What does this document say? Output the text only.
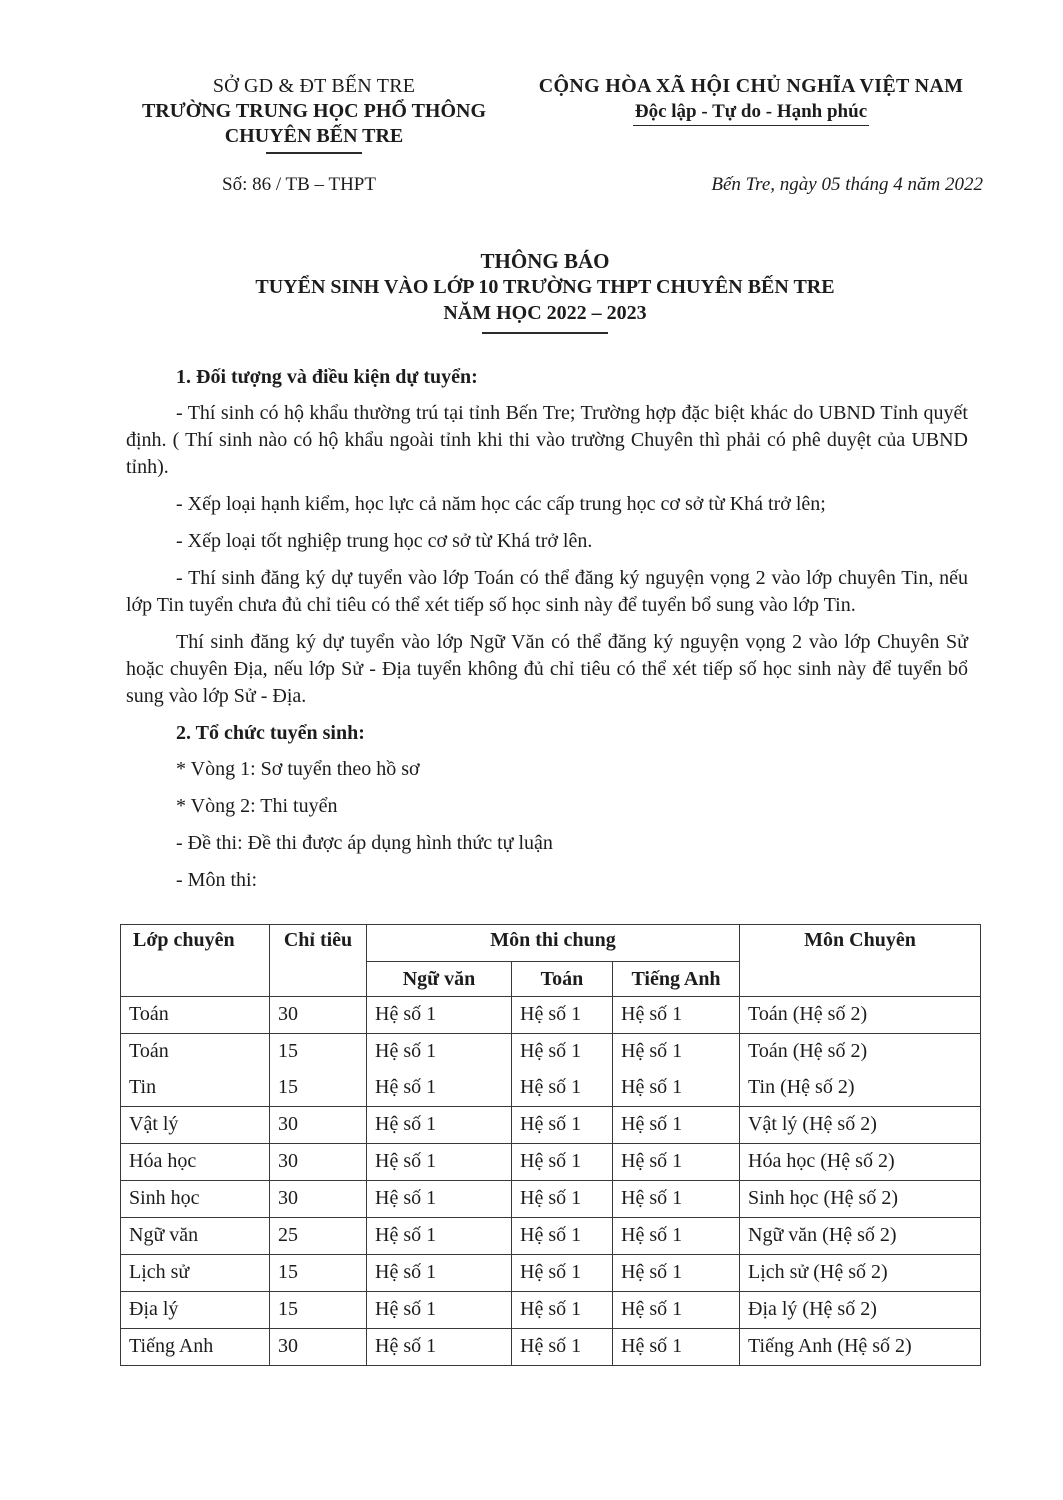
SỞ GD & ĐT BẾN TRE
TRƯỜNG TRUNG HỌC PHỔ THÔNG
CHUYÊN BẾN TRE
CỘNG HÒA XÃ HỘI CHỦ NGHĨA VIỆT NAM
Độc lập - Tự do - Hạnh phúc
Số: 86 / TB – THPT	Bến Tre, ngày 05 tháng 4 năm 2022
THÔNG BÁO
TUYỂN SINH VÀO LỚP 10 TRƯỜNG THPT CHUYÊN BẾN TRE
NĂM HỌC 2022 – 2023
1. Đối tượng và điều kiện dự tuyển:

- Thí sinh có hộ khẩu thường trú tại tỉnh Bến Tre; Trường hợp đặc biệt khác do UBND Tỉnh quyết định. ( Thí sinh nào có hộ khẩu ngoài tỉnh khi thi vào trường Chuyên thì phải có phê duyệt của UBND tỉnh).

- Xếp loại hạnh kiểm, học lực cả năm học các cấp trung học cơ sở từ Khá trở lên;

- Xếp loại tốt nghiệp trung học cơ sở từ Khá trở lên.

- Thí sinh đăng ký dự tuyển vào lớp Toán có thể đăng ký nguyện vọng 2 vào lớp chuyên Tin, nếu lớp Tin tuyển chưa đủ chỉ tiêu có thể xét tiếp số học sinh này để tuyển bổ sung vào lớp Tin.

Thí sinh đăng ký dự tuyển vào lớp Ngữ Văn có thể đăng ký nguyện vọng 2 vào lớp Chuyên Sử hoặc chuyên Địa, nếu lớp Sử - Địa tuyển không đủ chỉ tiêu có thể xét tiếp số học sinh này để tuyển bổ sung vào lớp Sử - Địa.

2. Tổ chức tuyển sinh:
* Vòng 1: Sơ tuyển theo hồ sơ
* Vòng 2: Thi tuyển
- Đề thi: Đề thi được áp dụng hình thức tự luận
- Môn thi:
Lớp chuyên	Chỉ tiêu	Môn thi chung			Môn Chuyên
		Ngữ văn	Toán	Tiếng Anh	
Toán	30	Hệ số 1	Hệ số 1	Hệ số 1	Toán (Hệ số 2)
Toán	15	Hệ số 1	Hệ số 1	Hệ số 1	Toán (Hệ số 2)
Tin	15	Hệ số 1	Hệ số 1	Hệ số 1	Tin (Hệ số 2)
Vật lý	30	Hệ số 1	Hệ số 1	Hệ số 1	Vật lý (Hệ số 2)
Hóa học	30	Hệ số 1	Hệ số 1	Hệ số 1	Hóa học (Hệ số 2)
Sinh học	30	Hệ số 1	Hệ số 1	Hệ số 1	Sinh học (Hệ số 2)
Ngữ văn	25	Hệ số 1	Hệ số 1	Hệ số 1	Ngữ văn (Hệ số 2)
Lịch sử	15	Hệ số 1	Hệ số 1	Hệ số 1	Lịch sử (Hệ số 2)
Địa lý	15	Hệ số 1	Hệ số 1	Hệ số 1	Địa lý (Hệ số 2)
Tiếng Anh	30	Hệ số 1	Hệ số 1	Hệ số 1	Tiếng Anh (Hệ số 2)
